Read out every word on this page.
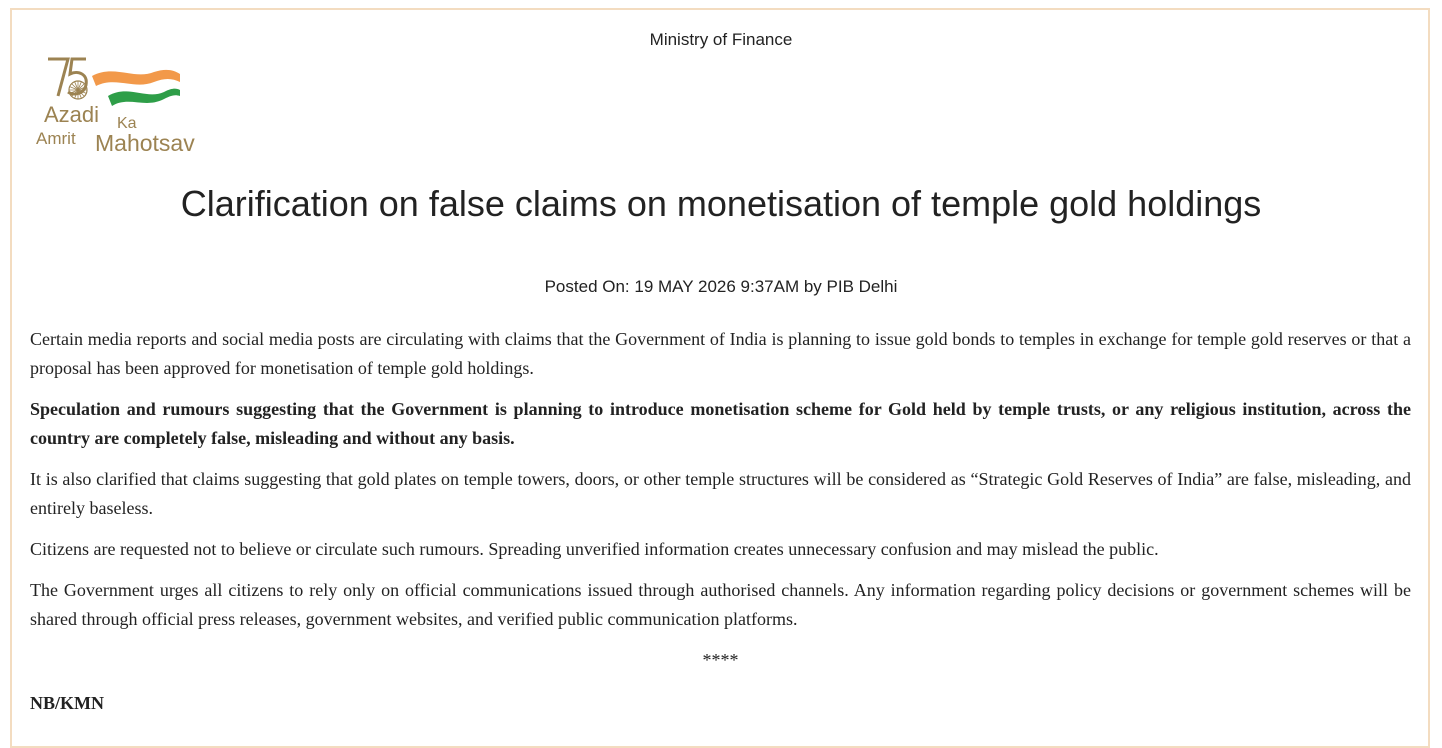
Ministry of Finance
Azadi Ka
Amrit Mahotsav
Clarification on false claims on monetisation of temple gold holdings
Posted On: 19 MAY 2026 9:37AM by PIB Delhi

Certain media reports and social media posts are circulating with claims that the Government of India is planning to issue gold bonds to temples in exchange for temple gold reserves or that a proposal has been approved for monetisation of temple gold holdings.

Speculation and rumours suggesting that the Government is planning to introduce monetisation scheme for Gold held by temple trusts, or any religious institution, across the country are completely false, misleading and without any basis.

It is also clarified that claims suggesting that gold plates on temple towers, doors, or other temple structures will be considered as “Strategic Gold Reserves of India” are false, misleading, and entirely baseless.

Citizens are requested not to believe or circulate such rumours. Spreading unverified information creates unnecessary confusion and may mislead the public.

The Government urges all citizens to rely only on official communications issued through authorised channels. Any information regarding policy decisions or government schemes will be shared through official press releases, government websites, and verified public communication platforms.

****

NB/KMN
